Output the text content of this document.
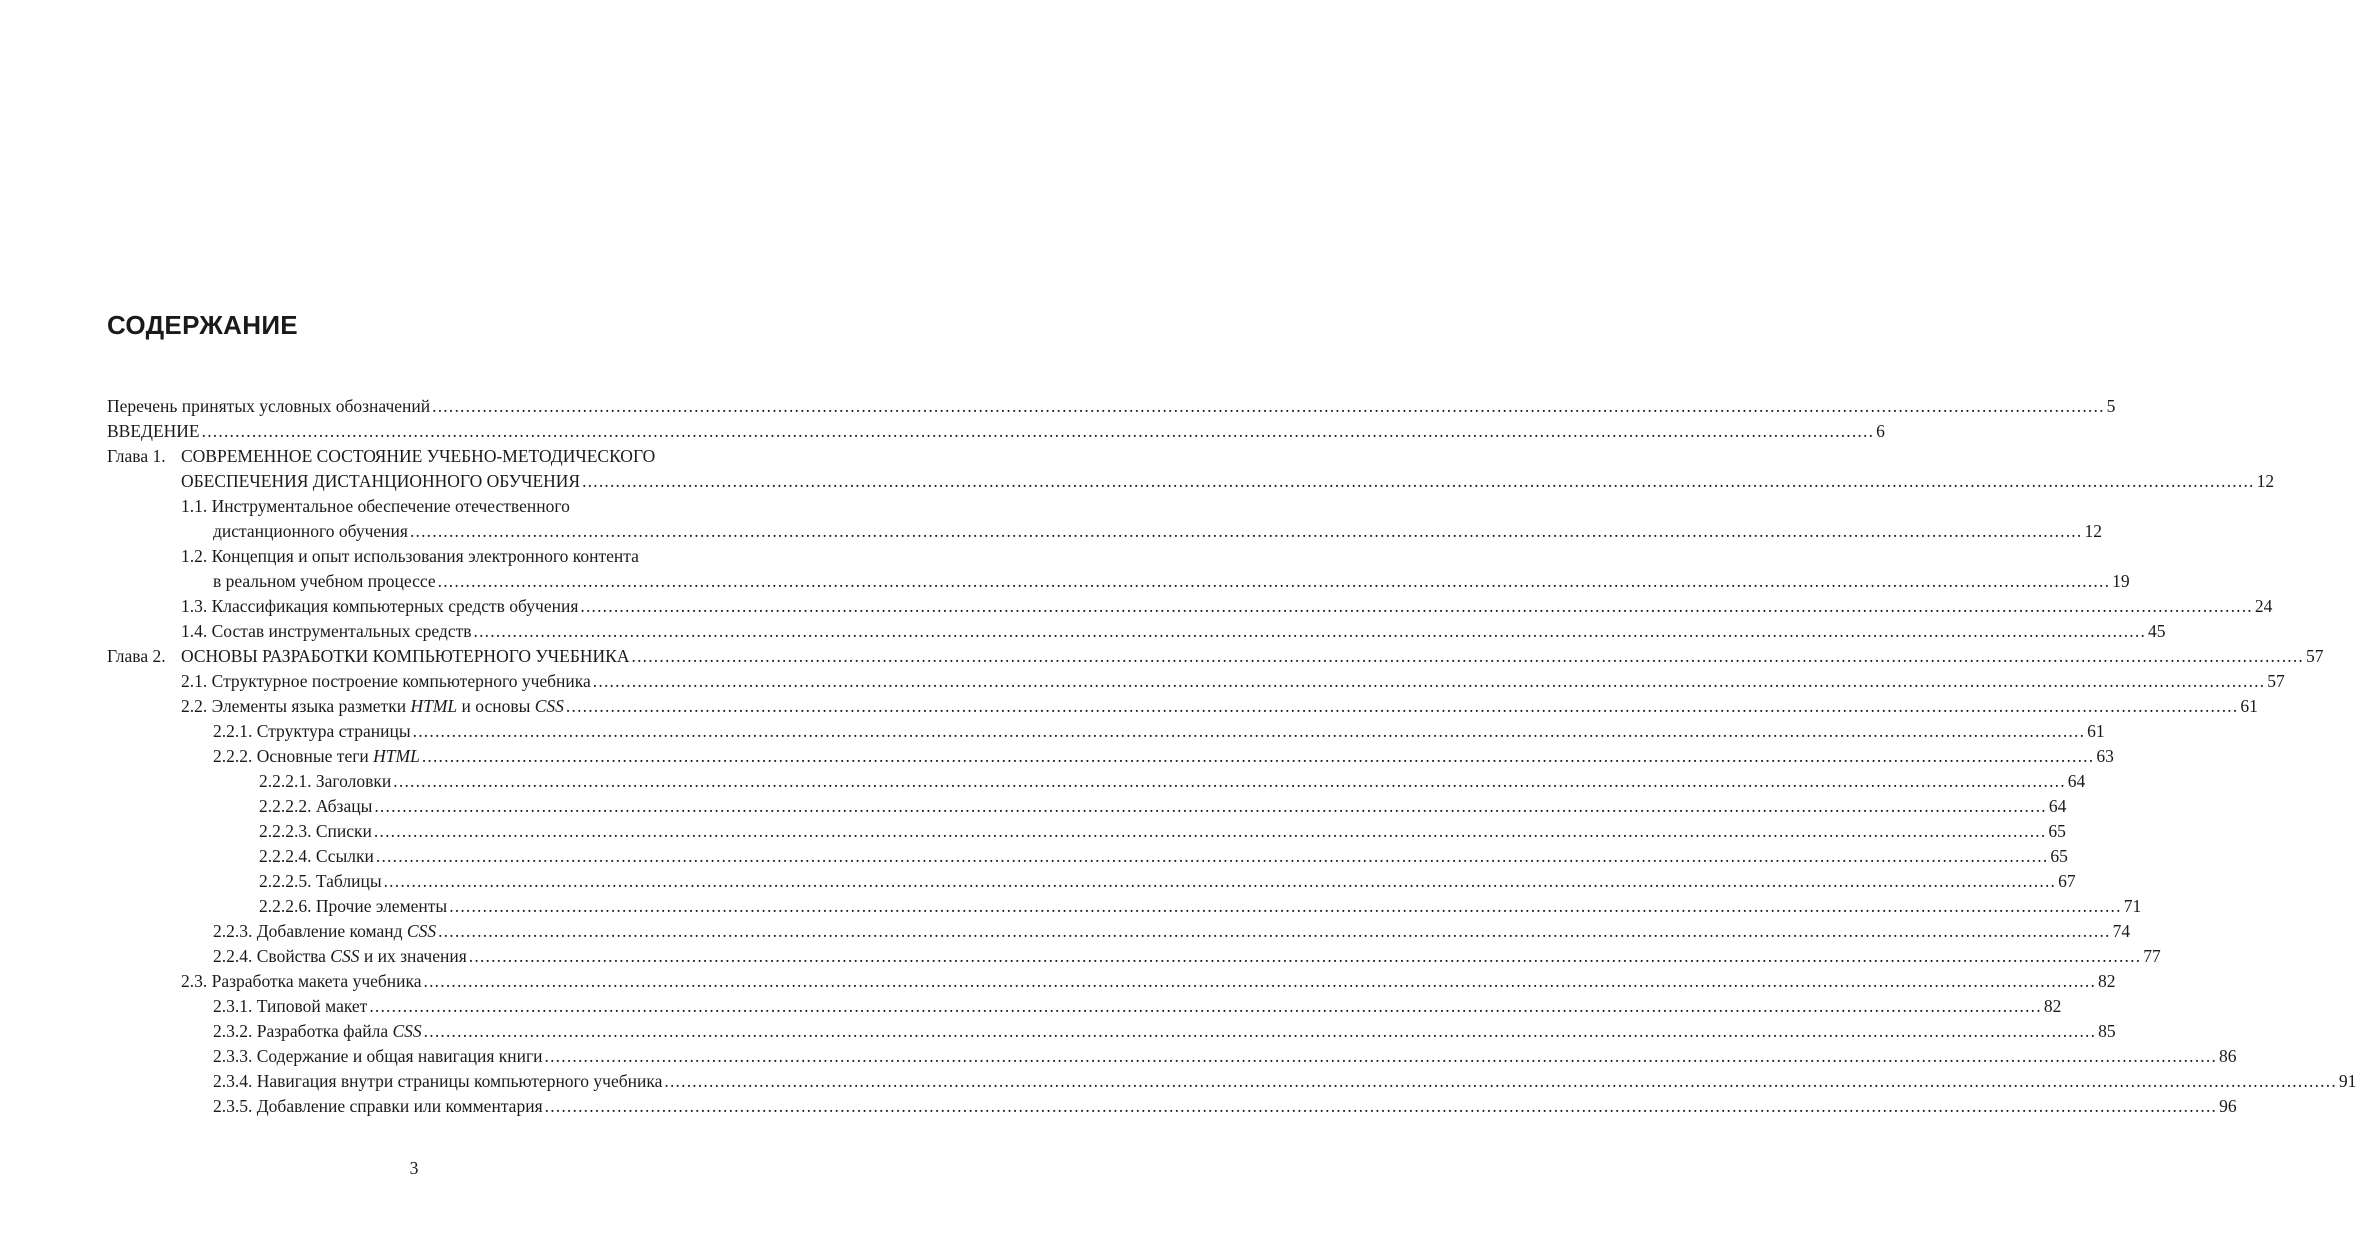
СОДЕРЖАНИЕ
Перечень принятых условных обозначений ............................................................................................................................................................................................................................................................................................................ 5
ВВЕДЕНИЕ ............................................................................................................................................................................................................................................................................................................ 6
Глава 1. СОВРЕМЕННОЕ СОСТОЯНИЕ УЧЕБНО-МЕТОДИЧЕСКОГО
ОБЕСПЕЧЕНИЯ ДИСТАНЦИОННОГО ОБУЧЕНИЯ ............................................................................................................................................................................................................................................................................................................ 12
1.1. Инструментальное обеспечение отечественного
дистанционного обучения ............................................................................................................................................................................................................................................................................................................ 12
1.2. Концепция и опыт использования электронного контента
в реальном учебном процессе ............................................................................................................................................................................................................................................................................................................ 19
1.3. Классификация компьютерных средств обучения ............................................................................................................................................................................................................................................................................................................ 24
1.4. Состав инструментальных средств ............................................................................................................................................................................................................................................................................................................ 45
Глава 2. ОСНОВЫ РАЗРАБОТКИ КОМПЬЮТЕРНОГО УЧЕБНИКА ............................................................................................................................................................................................................................................................................................................ 57
2.1. Структурное построение компьютерного учебника ............................................................................................................................................................................................................................................................................................................ 57
2.2. Элементы языка разметки HTML и основы CSS ............................................................................................................................................................................................................................................................................................................ 61
2.2.1. Структура страницы ............................................................................................................................................................................................................................................................................................................ 61
2.2.2. Основные теги HTML ............................................................................................................................................................................................................................................................................................................ 63
2.2.2.1. Заголовки ............................................................................................................................................................................................................................................................................................................ 64
2.2.2.2. Абзацы ............................................................................................................................................................................................................................................................................................................ 64
2.2.2.3. Списки ............................................................................................................................................................................................................................................................................................................ 65
2.2.2.4. Ссылки ............................................................................................................................................................................................................................................................................................................ 65
2.2.2.5. Таблицы ............................................................................................................................................................................................................................................................................................................ 67
2.2.2.6. Прочие элементы ............................................................................................................................................................................................................................................................................................................ 71
2.2.3. Добавление команд CSS ............................................................................................................................................................................................................................................................................................................ 74
2.2.4. Свойства CSS и их значения ............................................................................................................................................................................................................................................................................................................ 77
2.3. Разработка макета учебника ............................................................................................................................................................................................................................................................................................................ 82
2.3.1. Типовой макет ............................................................................................................................................................................................................................................................................................................ 82
2.3.2. Разработка файла CSS ............................................................................................................................................................................................................................................................................................................ 85
2.3.3. Содержание и общая навигация книги ............................................................................................................................................................................................................................................................................................................ 86
2.3.4. Навигация внутри страницы компьютерного учебника ............................................................................................................................................................................................................................................................................................................ 91
2.3.5. Добавление справки или комментария ............................................................................................................................................................................................................................................................................................................ 96
3
